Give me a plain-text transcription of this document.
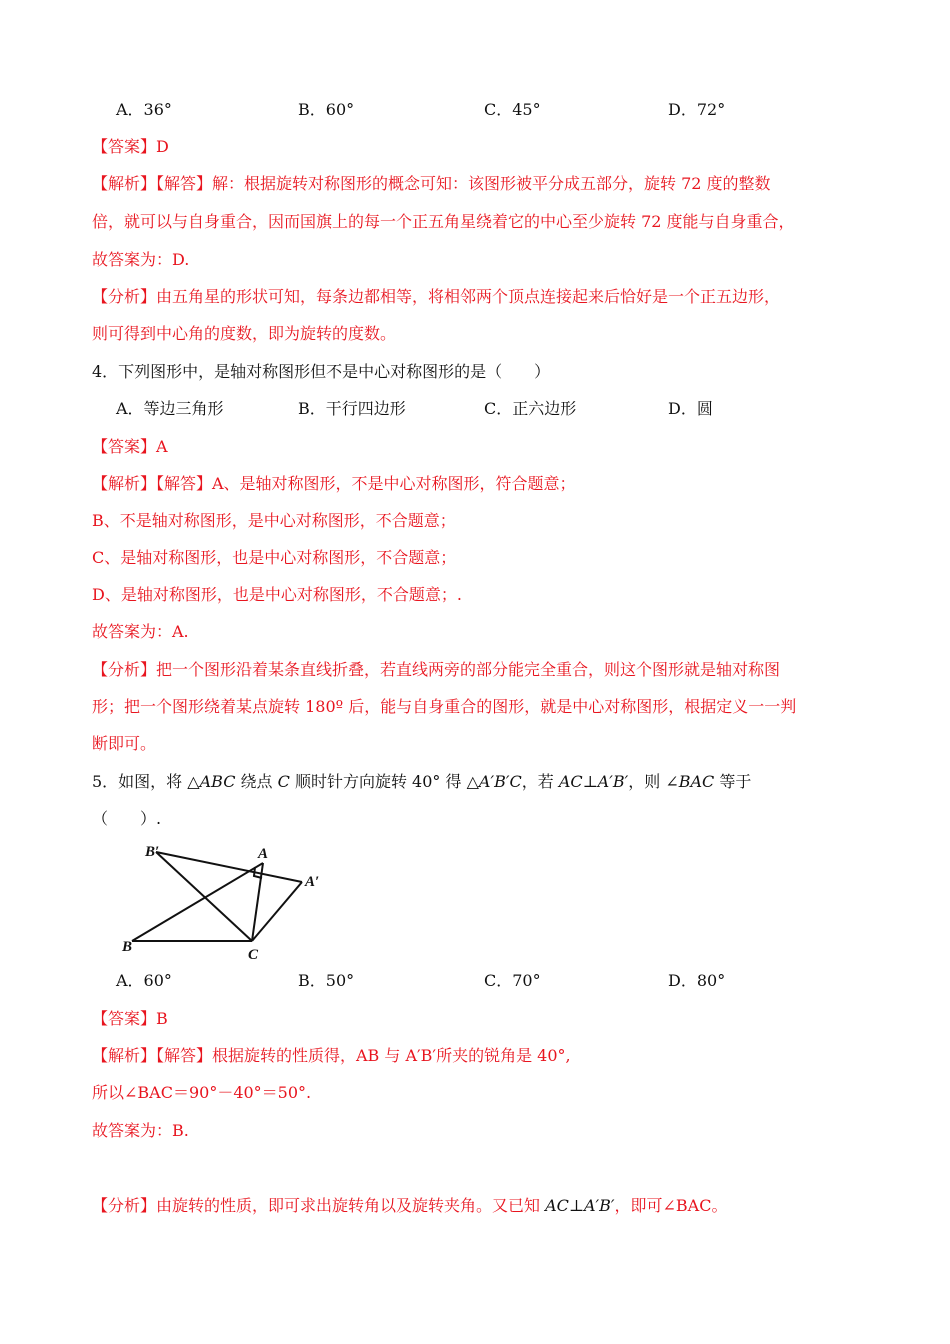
A．36°	B．60°	C．45°	D．72°
【答案】D
【解析】【解答】解：根据旋转对称图形的概念可知：该图形被平分成五部分，旋转 72 度的整数
倍，就可以与自身重合，因而国旗上的每一个正五角星绕着它的中心至少旋转 72 度能与自身重合，
故答案为：D.
【分析】由五角星的形状可知，每条边都相等，将相邻两个顶点连接起来后恰好是一个正五边形，
则可得到中心角的度数，即为旋转的度数。
4．下列图形中，是轴对称图形但不是中心对称图形的是（　　）
A．等边三角形	B．干行四边形	C．正六边形	D．圆
【答案】A
【解析】【解答】A、是轴对称图形，不是中心对称图形，符合题意；
B、不是轴对称图形，是中心对称图形，不合题意；
C、是轴对称图形，也是中心对称图形，不合题意；
D、是轴对称图形，也是中心对称图形，不合题意；.
故答案为：A.
【分析】把一个图形沿着某条直线折叠，若直线两旁的部分能完全重合，则这个图形就是轴对称图
形；把一个图形绕着某点旋转 180º 后，能与自身重合的图形，就是中心对称图形，根据定义一一判
断即可。
5．如图，将 △ABC 绕点 C 顺时针方向旋转 40° 得 △A′B′C，若 AC⊥A′B′，则 ∠BAC 等于
（　　）.
B′	A
A′
B	C
A．60°	B．50°	C．70°	D．80°
【答案】B
【解析】【解答】根据旋转的性质得，AB 与 A′B′所夹的锐角是 40°,
所以∠BAC＝90°－40°＝50°.
故答案为：B.
【分析】由旋转的性质，即可求出旋转角以及旋转夹角。又已知 AC⊥A′B′，即可∠BAC。
